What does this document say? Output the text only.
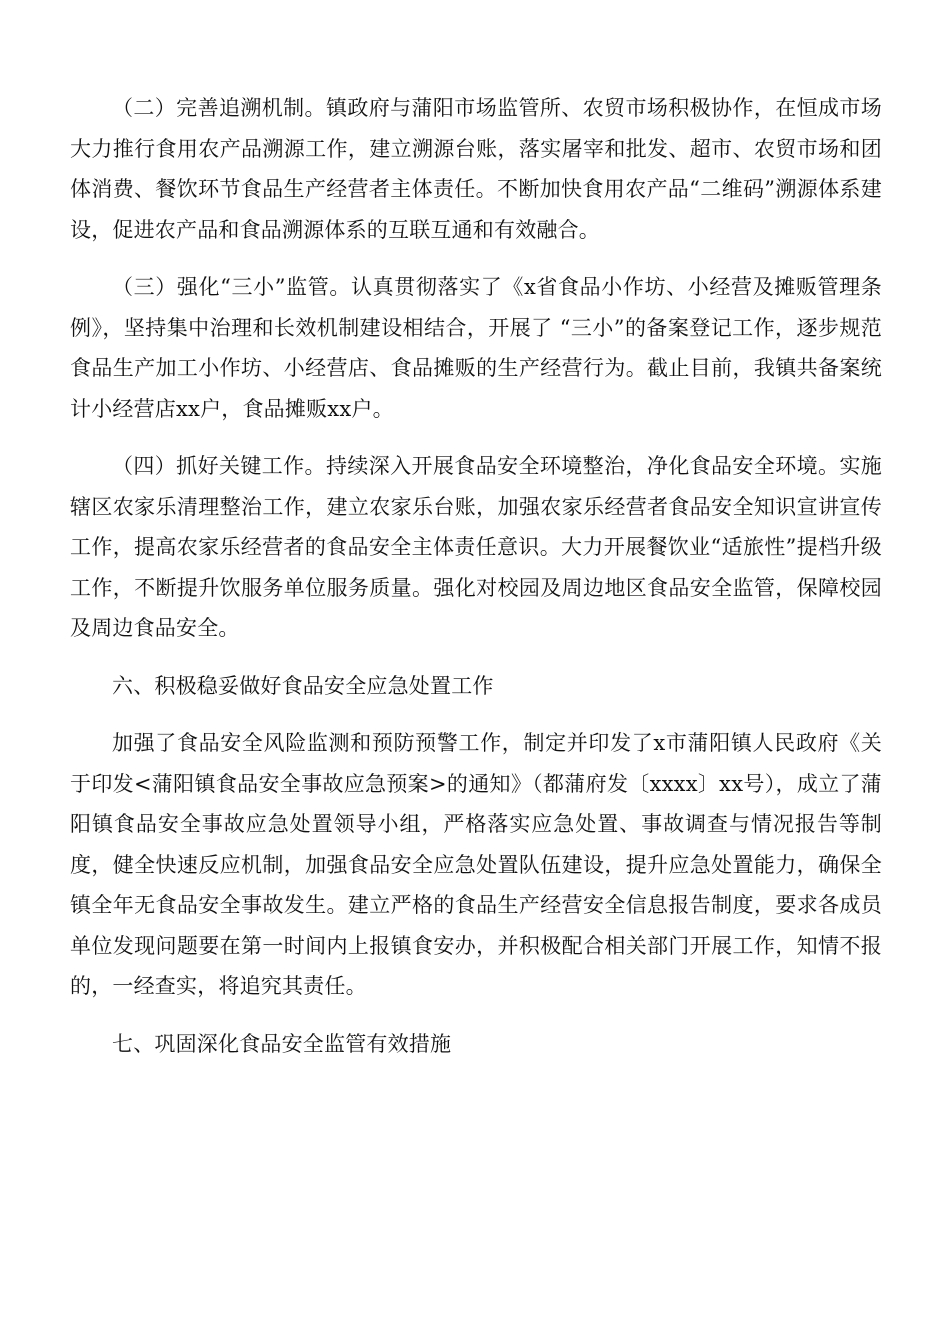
（二）完善追溯机制。镇政府与蒲阳市场监管所、农贸市场积极协作，在恒成市场大力推行食用农产品溯源工作，建立溯源台账，落实屠宰和批发、超市、农贸市场和团体消费、餐饮环节食品生产经营者主体责任。不断加快食用农产品“二维码”溯源体系建设，促进农产品和食品溯源体系的互联互通和有效融合。

（三）强化“三小”监管。认真贯彻落实了《x省食品小作坊、小经营及摊贩管理条例》，坚持集中治理和长效机制建设相结合，开展了 “三小”的备案登记工作，逐步规范食品生产加工小作坊、小经营店、食品摊贩的生产经营行为。截止目前，我镇共备案统计小经营店xx户，食品摊贩xx户。

（四）抓好关键工作。持续深入开展食品安全环境整治，净化食品安全环境。实施辖区农家乐清理整治工作，建立农家乐台账，加强农家乐经营者食品安全知识宣讲宣传工作，提高农家乐经营者的食品安全主体责任意识。大力开展餐饮业“适旅性”提档升级工作，不断提升饮服务单位服务质量。强化对校园及周边地区食品安全监管，保障校园及周边食品安全。

六、积极稳妥做好食品安全应急处置工作

加强了食品安全风险监测和预防预警工作，制定并印发了x市蒲阳镇人民政府《关于印发<蒲阳镇食品安全事故应急预案>的通知》（都蒲府发〔xxxx〕xx号），成立了蒲阳镇食品安全事故应急处置领导小组，严格落实应急处置、事故调查与情况报告等制度，健全快速反应机制，加强食品安全应急处置队伍建设，提升应急处置能力，确保全镇全年无食品安全事故发生。建立严格的食品生产经营安全信息报告制度，要求各成员单位发现问题要在第一时间内上报镇食安办，并积极配合相关部门开展工作，知情不报的，一经查实，将追究其责任。

七、巩固深化食品安全监管有效措施
